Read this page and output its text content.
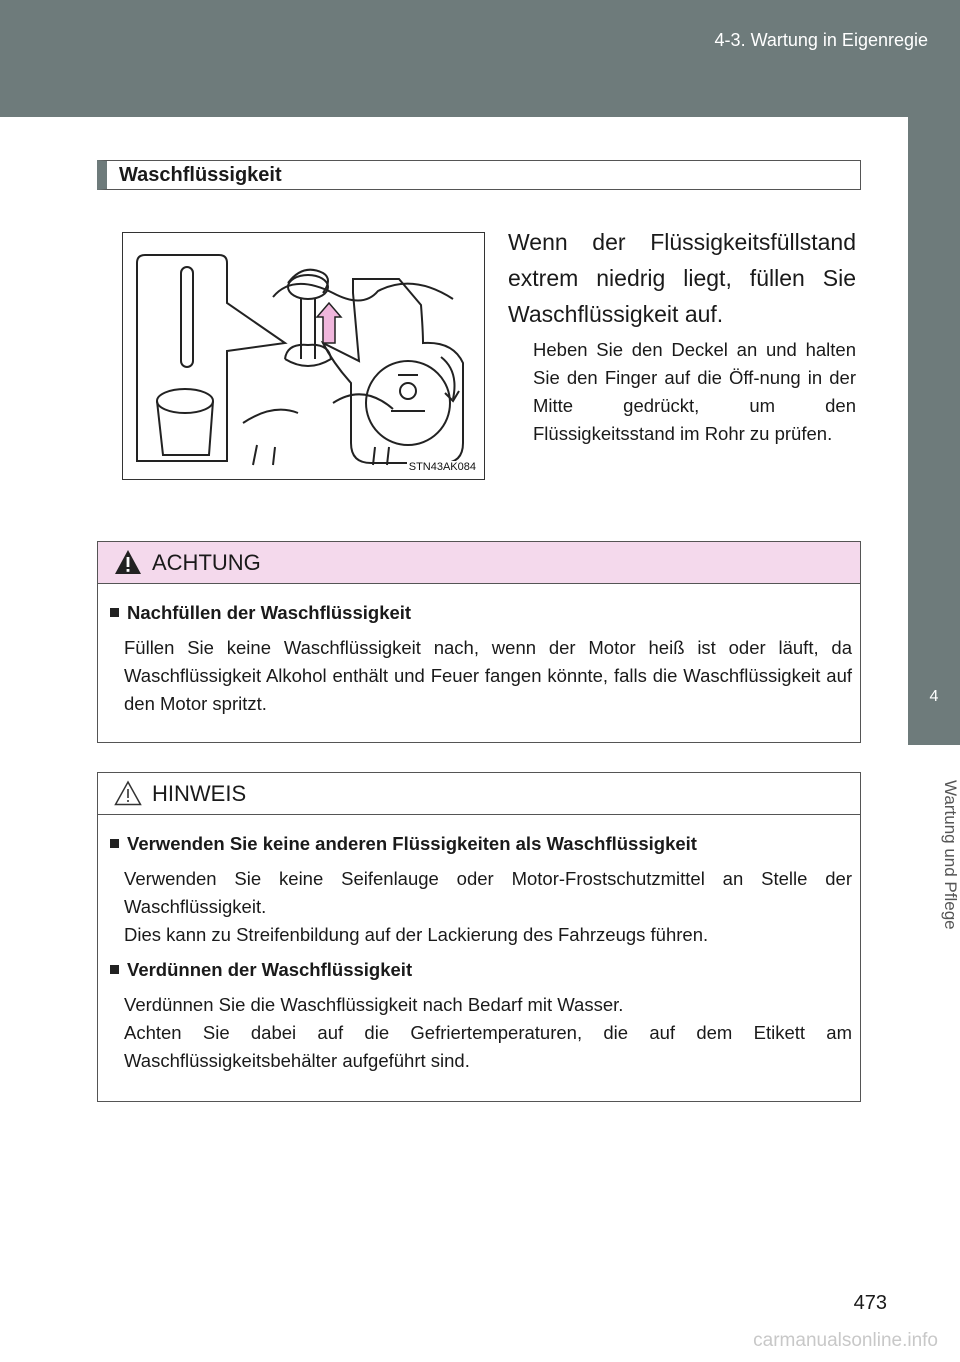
4-3. Wartung in Eigenregie
4
Wartung und Pflege
Waschflüssigkeit
STN43AK084
Wenn der Flüssigkeitsfüllstand extrem niedrig liegt, füllen Sie Waschflüssigkeit auf.
Heben Sie den Deckel an und halten Sie den Finger auf die Öff-nung in der Mitte gedrückt, um den Flüssigkeitsstand im Rohr zu prüfen.
ACHTUNG

Nachfüllen der Waschflüssigkeit

Füllen Sie keine Waschflüssigkeit nach, wenn der Motor heiß ist oder läuft, da Waschflüssigkeit Alkohol enthält und Feuer fangen könnte, falls die Waschflüssigkeit auf den Motor spritzt.

HINWEIS

Verwenden Sie keine anderen Flüssigkeiten als Waschflüssigkeit

Verwenden Sie keine Seifenlauge oder Motor-Frostschutzmittel an Stelle der Waschflüssigkeit.
Dies kann zu Streifenbildung auf der Lackierung des Fahrzeugs führen.

Verdünnen der Waschflüssigkeit

Verdünnen Sie die Waschflüssigkeit nach Bedarf mit Wasser.
Achten Sie dabei auf die Gefriertemperaturen, die auf dem Etikett am Waschflüssigkeitsbehälter aufgeführt sind.

473
carmanualsonline.info
